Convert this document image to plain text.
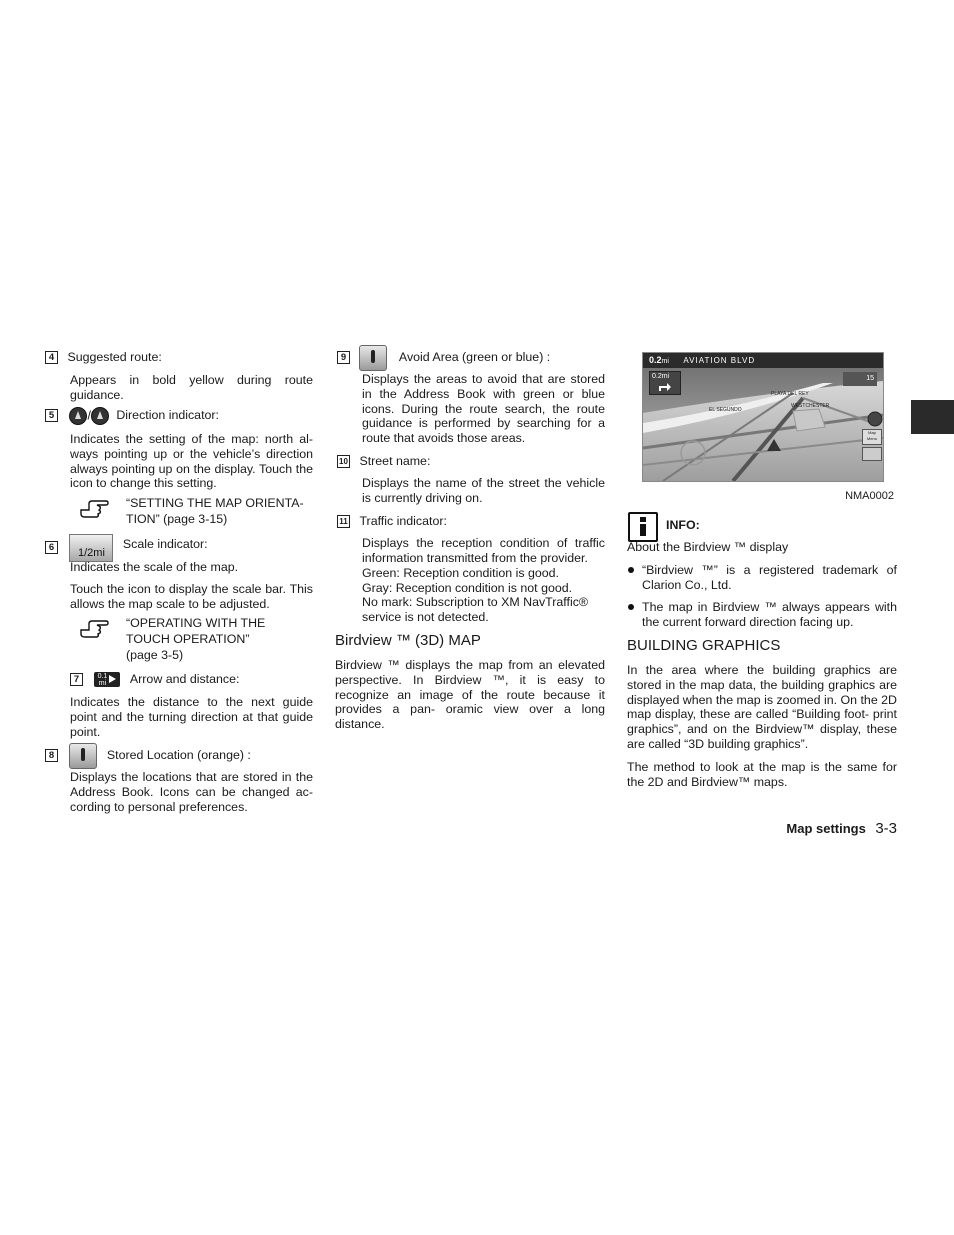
4 Suggested route:
Appears in bold yellow during route guidance.
5	/ Direction indicator:
Indicates the setting of the map: north al- ways pointing up or the vehicle’s direction always pointing up on the display. Touch the icon to change this setting.
“SETTING THE MAP ORIENTA-
TION” (page 3-15)
6	1/2mi
Scale indicator:
Indicates the scale of the map.
Touch the icon to display the scale bar. This allows the map scale to be adjusted.
“OPERATING WITH THE
TOUCH OPERATION”
(page 3-5)
7	0.1 mi Arrow and distance:
Indicates the distance to the next guide point and the turning direction at that guide point.
8	Stored Location (orange) :
Displays the locations that are stored in the Address Book. Icons can be changed ac- cording to personal preferences.
9	Avoid Area (green or blue) :
Displays the areas to avoid that are stored in the Address Book with green or blue icons. During the route search, the route guidance is performed by searching for a route that avoids those areas.
10 Street name:
Displays the name of the street the vehicle is currently driving on.
11 Traffic indicator:
Displays the reception condition of traffic information transmitted from the provider.
Green: Reception condition is good.
Gray: Reception condition is not good.
No mark: Subscription to XM NavTraffic®
service is not detected.
Birdview ™ (3D) MAP
Birdview ™ displays the map from an elevated perspective. In Birdview ™, it is easy to recognize an image of the route because it provides a pan- oramic view over a long distance.
0.2mi AVIATION BLVD
0.2mi	15
PLAYA DEL REY
WESTCHESTER
EL SEGUNDO
Map Menu
NMA0002
INFO:
About the Birdview ™ display
“Birdview ™” is a registered trademark of Clarion Co., Ltd.
The map in Birdview ™ always appears with the current forward direction facing up.
BUILDING GRAPHICS
In the area where the building graphics are stored in the map data, the building graphics are displayed when the map is zoomed in. On the 2D map display, these are called “Building foot- print graphics”, and on the Birdview™ display, these are called “3D building graphics”.
The method to look at the map is the same for the 2D and Birdview™ maps.
Map settings 3-3
